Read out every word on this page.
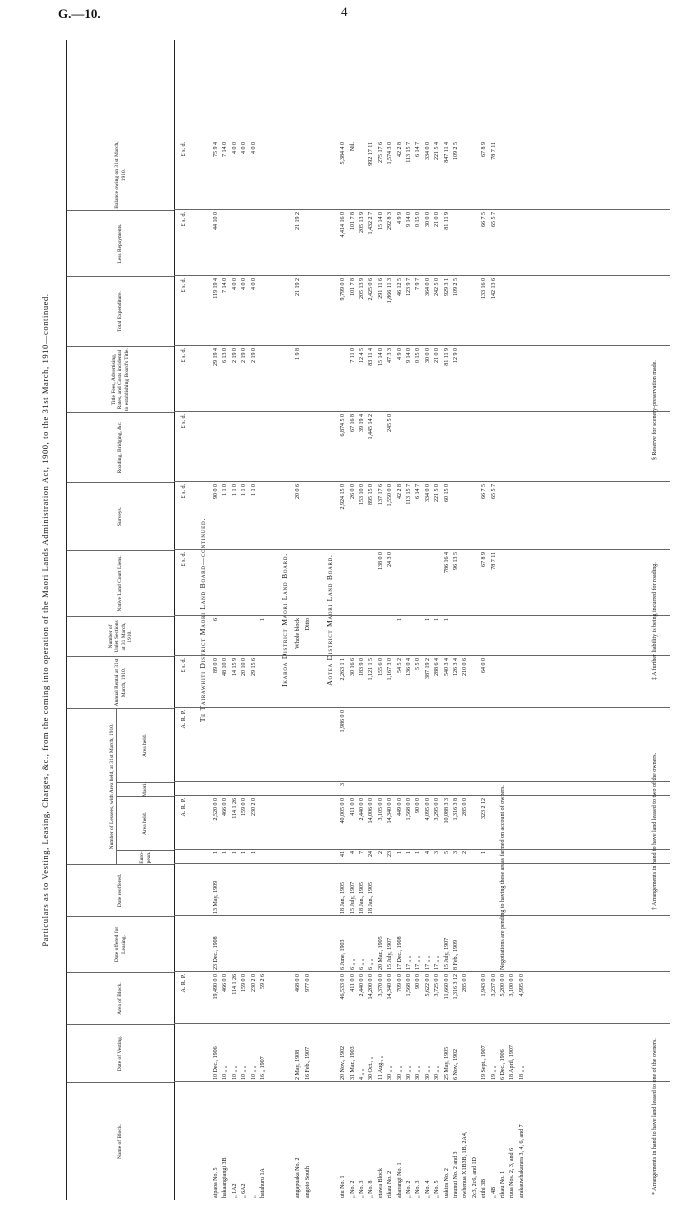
G.—10.	4
Particulars as to Vesting, Leasing, Charges, &c., from the coming into operation of the Maori Lands Administration Act, 1900, to the 31st March, 1910—continued.
Name of Block.
Date of Vesting.
Area of Block.
Date offered for Leasing.
Date reoffered.
Number of Lessees, with Area held, at 31st March, 1910.
Euro-pean.
Area held.
Maori.
Area held.
Annual Rental at 31st March, 1910.
Number of Unlet Sections at 31 March, 1910.
Native Land Court Liens.
Surveys.
Roading, Bridging, &c.
Title Fees, Advertising, Rates, and Costs incidental to establishing Board's Title.
Total Expenditure.
Less Repayments.
Balance owing on 31st March, 1910.
A. R. P.
A. R. P.
A. R. P.
£ s. d.
£ s. d.
£ s. d.
£ s. d.
£ s. d.
£ s. d.
£ s. d.
£ s. d.
Te Tairawhiti District Maori Land Board—continued.
aipaoa No. 5
10 Dec., 1906
19,490 0 0
23 Dec., 1908
13 May, 1909
1
2,520 0 0
89 0 0
6
90 0 0
29 19 4
119 19 4
44 10 0
75 9 4
hakaangiangi 3B
10 „ „
466 0 0
1
466 0 0
48 10 0
1 1 0
6 13 0
7 14 0
7 14 0
„ 1A2
10 „ „
114 1 26
1
114 1 26
14 15 9
1 1 0
2 19 0
4 0 0
4 0 0
„ 6A2
10 „ „
159 0 0
1
159 0 0
20 10 0
1 1 0
2 19 0
4 0 0
4 0 0
„
10 „ „
230 2 0
1
230 2 0
29 15 6
1 1 0
2 19 0
4 0 0
4 0 0
hatahuru 1A
16 „ 1907
59 2 6
1 Ikaroa District Maori Land Board.
angapuaka No. 2
2 May, 1908
468 0 0
Whole block
20 0 6
1 9 8
21 19 2
21 19 2
angoio South
16 Feb., 1907
977 0 0
Ditto Aotea District Maori Land Board.
utu No. 1
20 Nov., 1902
46,533 0 0
6 June, 1903
18 Jan., 1905
41
40,005 0 0
3
1,986 0 0
2,263 1 1
2,924 15 0
6,874 5 0
9,799 0 0
4,414 16 0
5,384 4 0
„ No. 2
31 Mar., 1903
411 0 0
6 „ „
15 July, 1907
4
411 0 0
30 16 6
26 0 0
67 16 8
7 11 0
101 7 8
101 7 8
Nil.
„ No. 3
4 „ „
2,440 0 0
6 „ „
18 Jan., 1905
7
2,440 0 0
183 9 0
153 10 0
39 19 4
12 4 5
205 13 9
205 13 9
„ No. 8
30 Oct., „
14,200 0 0
6 „ „
18 Jan., 1905
24
14,006 0 0
1,121 1 5
895 15 0
1,445 14 2
83 11 4
2,425 0 6
1,432 2 7
992 17 11
etawa Block
11 Aug., „
3,370 0 0
20 Mar., 1905
2
3,105 0 0
155 6 0
138 0 0
137 17 6
15 14 0
291 11 6
15 14 0
275 17 6
rikau No. 2
30 „ „
14,340 0 0
15 July, 1907
23
14,340 0 0
1,167 3 0
24 3 0
1,550 0 0
245 5 0
47 3 3
1,866 11 3
292 8 3
1,574 3 0
aharangi No. 1
30 „ „
709 0 0
17 Dec., 1908
1
449 0 0
54 5 2
1
42 2 8
4 9 0
46 12 5
4 9 9
42 2 8
„ No. 2
30 „ „
1,568 0 0
17 „ „
1
1,568 0 0
136 0 4
113 15 7
9 14 0
123 9 7
9 14 0
113 15 7
„ No. 3
30 „ „
90 0 0
17 „ „
1
90 0 0
5 5 0
6 14 7
0 15 0
7 9 7
0 15 0
6 14 7
„ No. 4
30 „ „
5,622 0 0
17 „ „
4
4,095 0 0
387 19 2
1
334 0 0
30 0 0
364 0 0
30 0 0
334 0 0
„ No. 5
30 „ „
3,725 0 0
17 „ „
3
3,295 0 0
288 6 4
1
221 5 0
21 0 0
242 5 0
21 0 0
221 5 4
uakira No. 2
25 May, 1905
11,660 0 0
15 July, 1907
5
10,088 3 3
540 3 4
1
786 16 4
60 15 0
81 11 9
929 3 1
81 11 9
847 11 4
iraunui No. 2 and 3
6 Nov., 1902
1,316 3 12
8 Feb., 1909
3
1,316 3 8
126 3 4
96 13 5
12 9 0
109 2 5
109 2 5
owhenua X1B3B, 1B, 2A4,
285 0 0
2
285 0 0
210 0 6
2c3, 2c6, and 1D etihi 3B
19 Sept., 1907
1,943 0 0
1
323 2 12
64 0 0
67 8 9
66 7 5
133 16 0
66 7 5
67 8 9
„ 4B
19 „ „
3,237 0 0
78 7 11
65 5 7
142 13 6
65 5 7
78 7 11
rikau No. 1
6 Dec., 1906
5,200 0 0
ruua Nos. 2, 3, and 6
18 April, 1907
3,100 0 0
arakauwhakarara 3, 4, 6, and 7
18 „ „
4,995 0 0
Negotiations are pending to having these areas farmed on account of owners.
* Arrangements in hand to have land leased to one of the owners.
† Arrangements in hand to have land leased to two of the owners.
‡ A further liability is being incurred for roading.
§ Reserve for scenery-preservation made.
